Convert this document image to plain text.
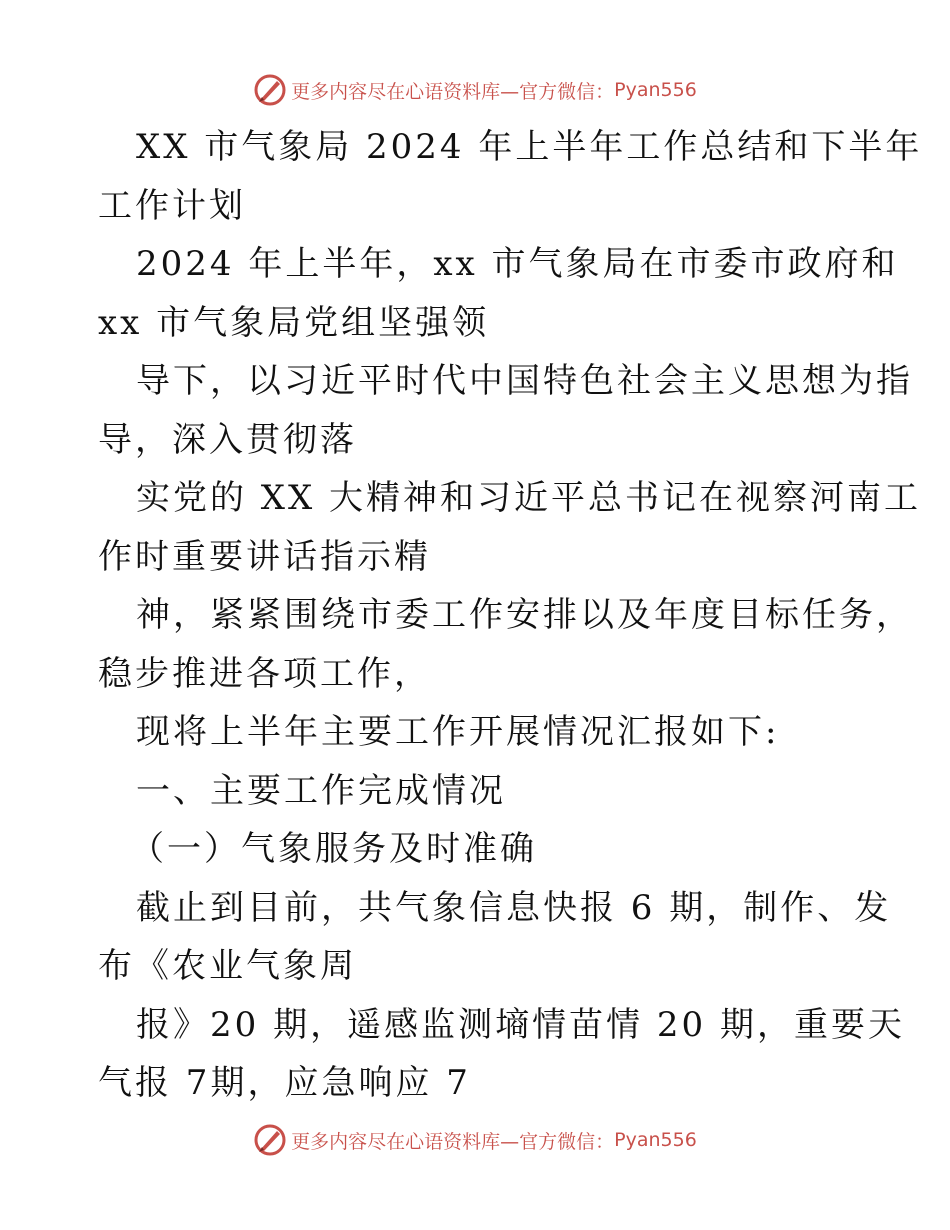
更多内容尽在心语资料库—官方微信： Pyan556
XX 市气象局 2024 年上半年工作总结和下半年
工作计划
2024 年上半年，xx 市气象局在市委市政府和
xx 市气象局党组坚强领
导下，以习近平时代中国特色社会主义思想为指
导，深入贯彻落
实党的 XX 大精神和习近平总书记在视察河南工
作时重要讲话指示精
神，紧紧围绕市委工作安排以及年度目标任务，
稳步推进各项工作，
现将上半年主要工作开展情况汇报如下:
一、主要工作完成情况
（一）气象服务及时准确
截止到目前，共气象信息快报 6 期，制作、发
布《农业气象周
报》20 期，遥感监测墒情苗情 20 期，重要天
气报 7期，应急响应 7
更多内容尽在心语资料库—官方微信： Pyan556
